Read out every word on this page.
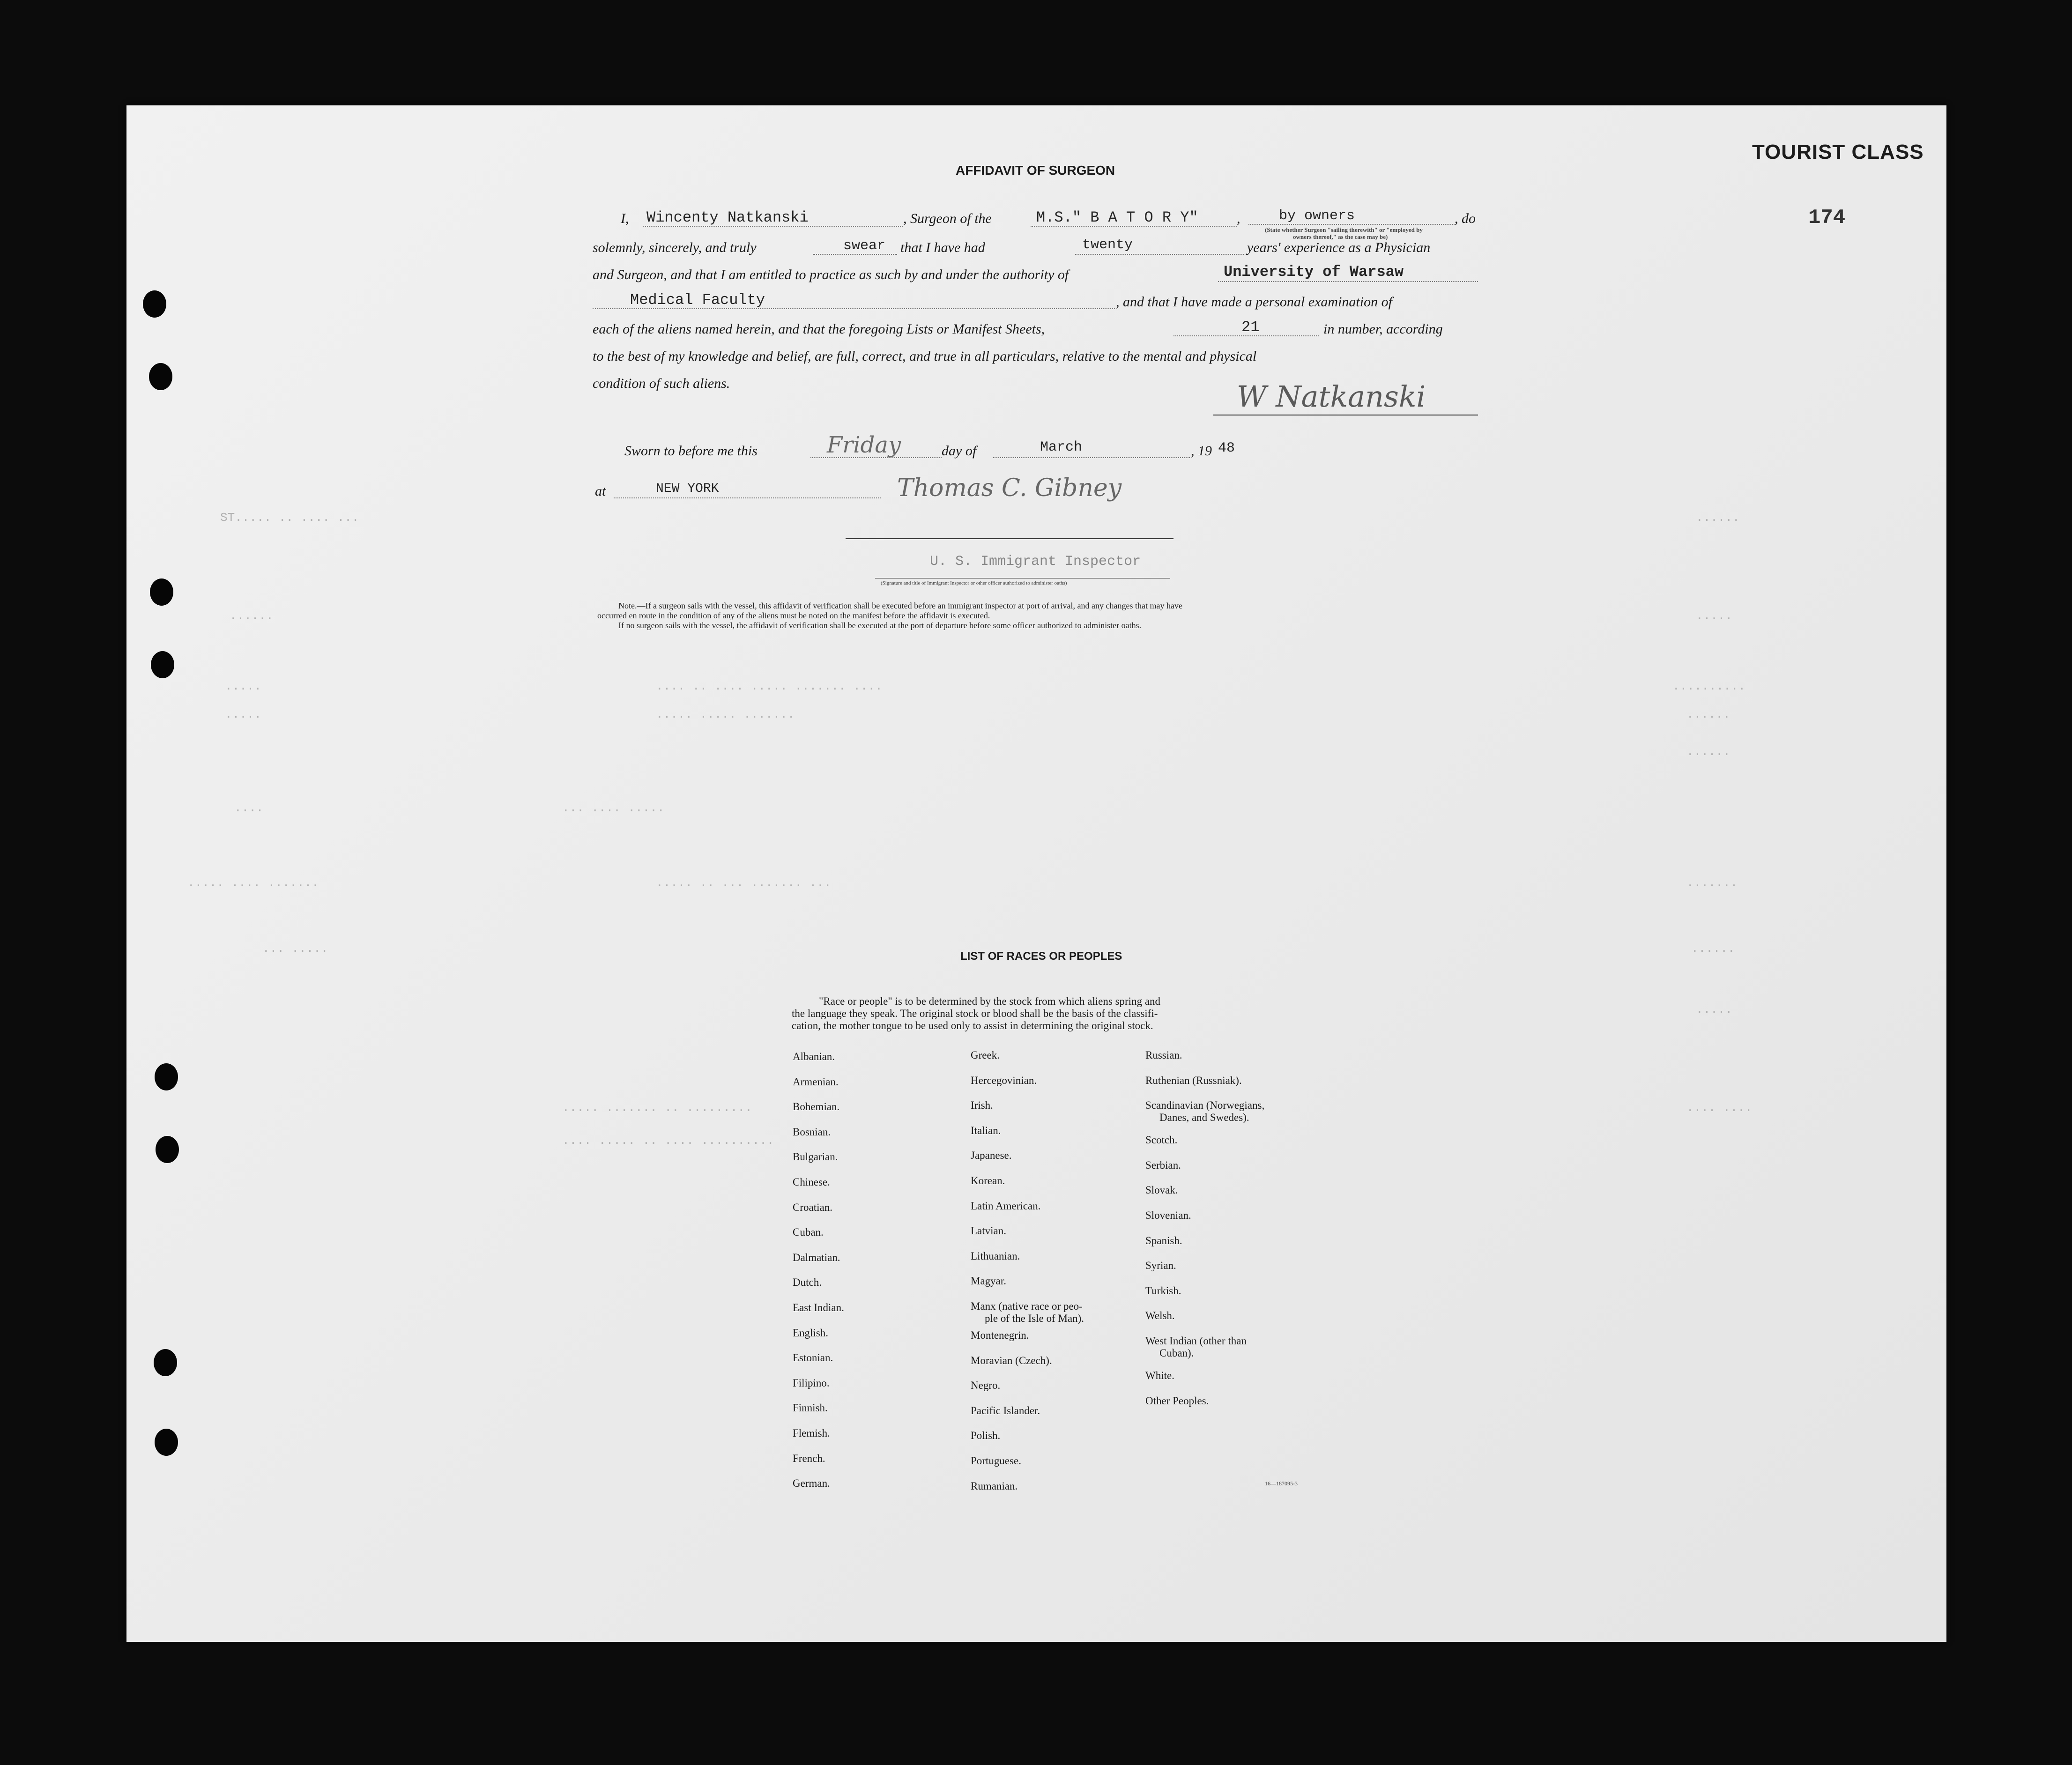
TOURIST CLASS
174
ST..... .. .... ...
......
.....	.... .. .... ..... ....... ....
.....	..... ..... .......
....	... .... .....
..... .... .......	..... .. ... ....... ...
... .....
......
.....
..........
......
......
.......
......
.....
.... ....
.... ..... .. .... ..........
..... ....... .. .........
AFFIDAVIT OF SURGEON
I, Wincenty Natkanski	, Surgeon of the	M.S." B A T O R Y"	,	by owners	, do
(State whether Surgeon "sailing therewith" or "employed by
owners thereof," as the case may be)
solemnly, sincerely, and truly	swear that I have had	twenty	years' experience as a Physician
and Surgeon, and that I am entitled to practice as such by and under the authority of	University of Warsaw
Medical Faculty	, and that I have made a personal examination of
each of the aliens named herein, and that the foregoing Lists or Manifest Sheets,	21	in number, according
to the best of my knowledge and belief, are full, correct, and true in all particulars, relative to the mental and physical
condition of such aliens.	W Natkanski
Sworn to before me this	Friday	day of	March	, 19 48
at	NEW YORK	Thomas C. Gibney
U. S. Immigrant Inspector
(Signature and title of Immigrant Inspector or other officer authorized to administer oaths)
Note.—If a surgeon sails with the vessel, this affidavit of verification shall be executed before an immigrant inspector at port of arrival, and any changes that may have
occurred en route in the condition of any of the aliens must be noted on the manifest before the affidavit is executed.
If no surgeon sails with the vessel, the affidavit of verification shall be executed at the port of departure before some officer authorized to administer oaths.
LIST OF RACES OR PEOPLES
"Race or people" is to be determined by the stock from which aliens spring and
the language they speak. The original stock or blood shall be the basis of the classifi-
cation, the mother tongue to be used only to assist in determining the original stock.
Albanian.
Armenian.
Bohemian.
Bosnian.
Bulgarian.
Chinese.
Croatian.
Cuban.
Dalmatian.
Dutch.
East Indian.
English.
Estonian.
Filipino.
Finnish.
Flemish.
French.
German.
Greek.
Hercegovinian.
Irish.
Italian.
Japanese.
Korean.
Latin American.
Latvian.
Lithuanian.
Magyar.
Manx (native race or peo-
ple of the Isle of Man).
Montenegrin.
Moravian (Czech).
Negro.
Pacific Islander.
Polish.
Portuguese.
Rumanian.
Russian.
Ruthenian (Russniak).
Scandinavian (Norwegians,
Danes, and Swedes).
Scotch.
Serbian.
Slovak.
Slovenian.
Spanish.
Syrian.
Turkish.
Welsh.
West Indian (other than
Cuban).
White.
Other Peoples.
16—187095-3
